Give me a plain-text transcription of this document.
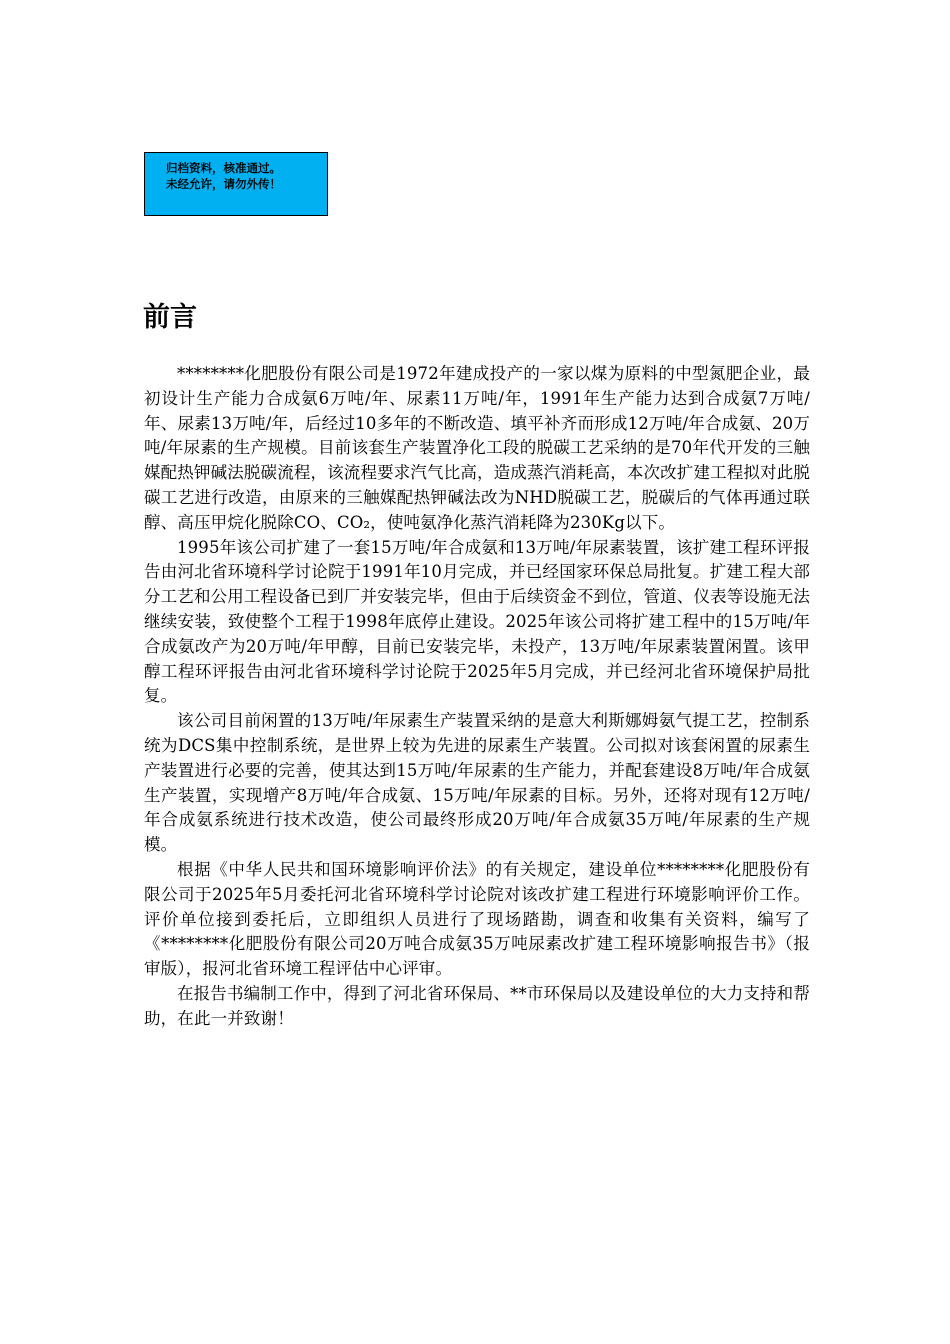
归档资料，核准通过。
未经允许，请勿外传！
前言

********化肥股份有限公司是1972年建成投产的一家以煤为原料的中型氮肥企业，最初设计生产能力合成氨6万吨/年、尿素11万吨/年，1991年生产能力达到合成氨7万吨/年、尿素13万吨/年，后经过10多年的不断改造、填平补齐而形成12万吨/年合成氨、20万吨/年尿素的生产规模。目前该套生产装置净化工段的脱碳工艺采纳的是70年代开发的三触媒配热钾碱法脱碳流程，该流程要求汽气比高，造成蒸汽消耗高，本次改扩建工程拟对此脱碳工艺进行改造，由原来的三触媒配热钾碱法改为NHD脱碳工艺，脱碳后的气体再通过联醇、高压甲烷化脱除CO、CO₂，使吨氨净化蒸汽消耗降为230Kg以下。

1995年该公司扩建了一套15万吨/年合成氨和13万吨/年尿素装置，该扩建工程环评报告由河北省环境科学讨论院于1991年10月完成，并已经国家环保总局批复。扩建工程大部分工艺和公用工程设备已到厂并安装完毕，但由于后续资金不到位，管道、仪表等设施无法继续安装，致使整个工程于1998年底停止建设。2025年该公司将扩建工程中的15万吨/年合成氨改产为20万吨/年甲醇，目前已安装完毕，未投产，13万吨/年尿素装置闲置。该甲醇工程环评报告由河北省环境科学讨论院于2025年5月完成，并已经河北省环境保护局批复。

该公司目前闲置的13万吨/年尿素生产装置采纳的是意大利斯娜姆氨气提工艺，控制系统为DCS集中控制系统，是世界上较为先进的尿素生产装置。公司拟对该套闲置的尿素生产装置进行必要的完善，使其达到15万吨/年尿素的生产能力，并配套建设8万吨/年合成氨生产装置，实现增产8万吨/年合成氨、15万吨/年尿素的目标。另外，还将对现有12万吨/年合成氨系统进行技术改造，使公司最终形成20万吨/年合成氨35万吨/年尿素的生产规模。

根据《中华人民共和国环境影响评价法》的有关规定，建设单位********化肥股份有限公司于2025年5月委托河北省环境科学讨论院对该改扩建工程进行环境影响评价工作。评价单位接到委托后，立即组织人员进行了现场踏勘，调查和收集有关资料，编写了《********化肥股份有限公司20万吨合成氨35万吨尿素改扩建工程环境影响报告书》（报审版），报河北省环境工程评估中心评审。

在报告书编制工作中，得到了河北省环保局、**市环保局以及建设单位的大力支持和帮助，在此一并致谢！
